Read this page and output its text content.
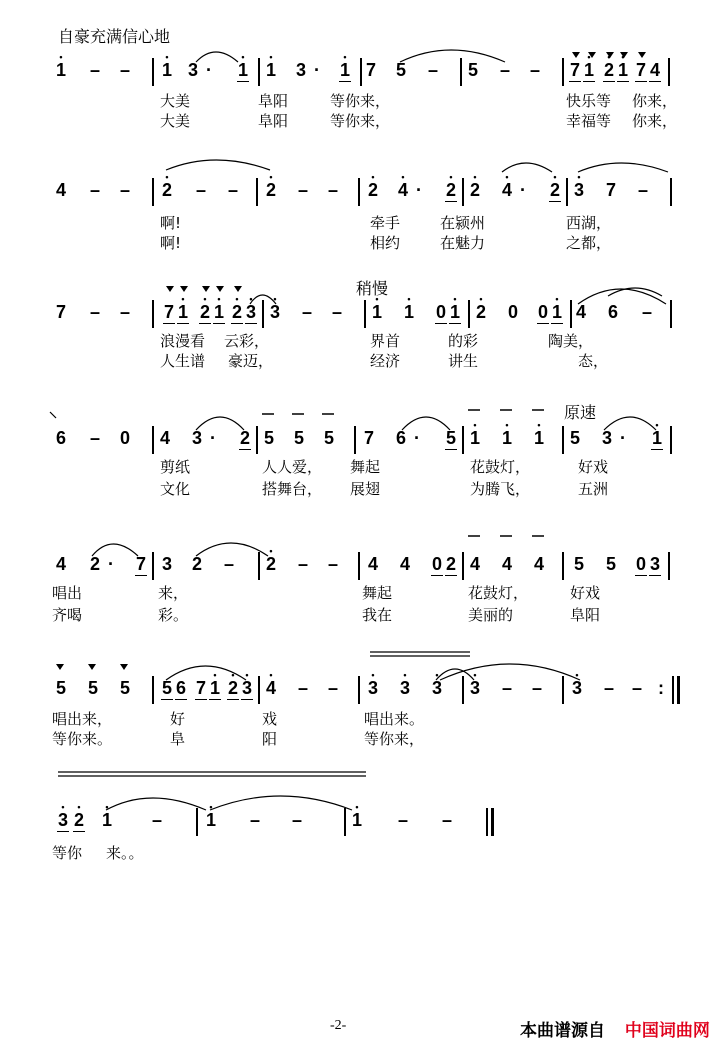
自豪充满信心地
• 1 – – • 1 3 · • 1 • 1 3 · • 1 7 5 – 5 – – 7 • 1 • 2 • 1 7 4
大美	阜阳	等你来，	快乐等 你来，
大美	阜阳	等你来，	幸福等 你来，
4 – – • 2 – – • 2 – – • 2 • 4 · • 2 • 2 • 4 · • 2 • 3 7 –
啊!	牵手	在颍州	西湖，
啊!	相约	在魅力	之都，
稍慢
7 – – 7 • 1 • 2 • 1 • 2 • 3 • 3 – – • 1 • 1 0 • 1 • 2 0 0 • 1 4 6 –
浪漫看 云彩，	界首	的彩	陶美，
人生谱 豪迈，	经济	讲生	态，
原速
6 – 0 4 3 · 2 5 5 5 7 6 · 5 • 1 • 1 • 1 5 3 · • 1
剪纸	人人爱， 舞起	花鼓灯，	好戏
文化	搭舞台， 展翅	为腾飞，	五洲
4 2 · 7 3 2 – • 2 – – 4 4 0 2 4 4 4 5 5 0 3
唱出	来，	舞起	花鼓灯，	好戏
齐喝	彩。	我在	美丽的	阜阳
5 5 5 5 6 7 • 1 • 2 • 3 • 4 – – • 3 • 3 • 3 • 3 – – • 3 – – :
唱出来，	好	戏	唱出来。
等你来。	阜	阳	等你来，
• 3 • 2 • 1 – • 1 – –	• 1 – –
等你 来。。
-2-	本曲谱源自 中国词曲网
